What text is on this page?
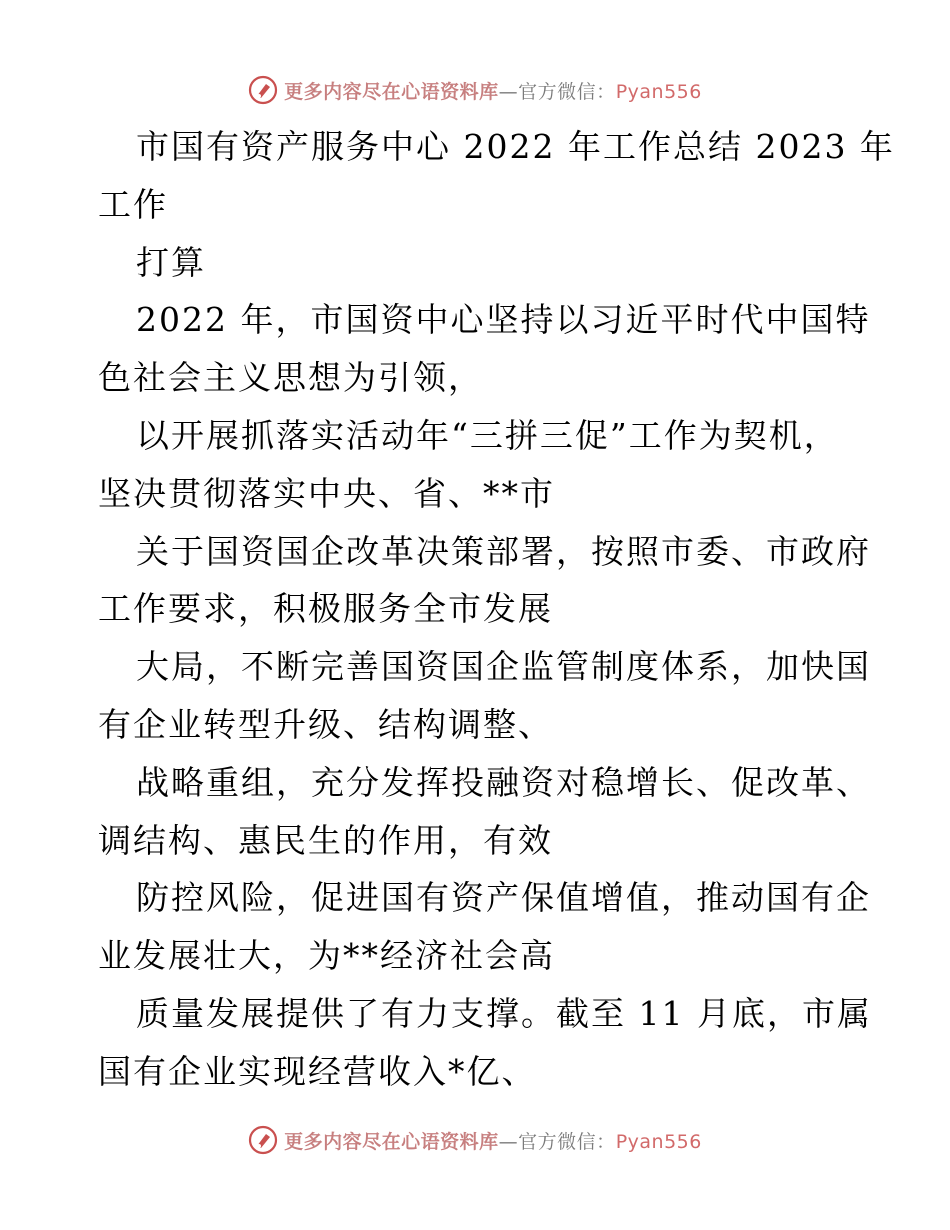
更多内容尽在心语资料库—官方微信：Pyan556
市国有资产服务中心 2022 年工作总结 2023 年
工作
打算
2022 年，市国资中心坚持以习近平时代中国特
色社会主义思想为引领，
以开展抓落实活动年“三拼三促”工作为契机，
坚决贯彻落实中央、省、**市
关于国资国企改革决策部署，按照市委、市政府
工作要求，积极服务全市发展
大局，不断完善国资国企监管制度体系，加快国
有企业转型升级、结构调整、
战略重组，充分发挥投融资对稳增长、促改革、
调结构、惠民生的作用，有效
防控风险，促进国有资产保值增值，推动国有企
业发展壮大，为**经济社会高
质量发展提供了有力支撑。截至 11 月底，市属
国有企业实现经营收入*亿、
更多内容尽在心语资料库—官方微信：Pyan556
